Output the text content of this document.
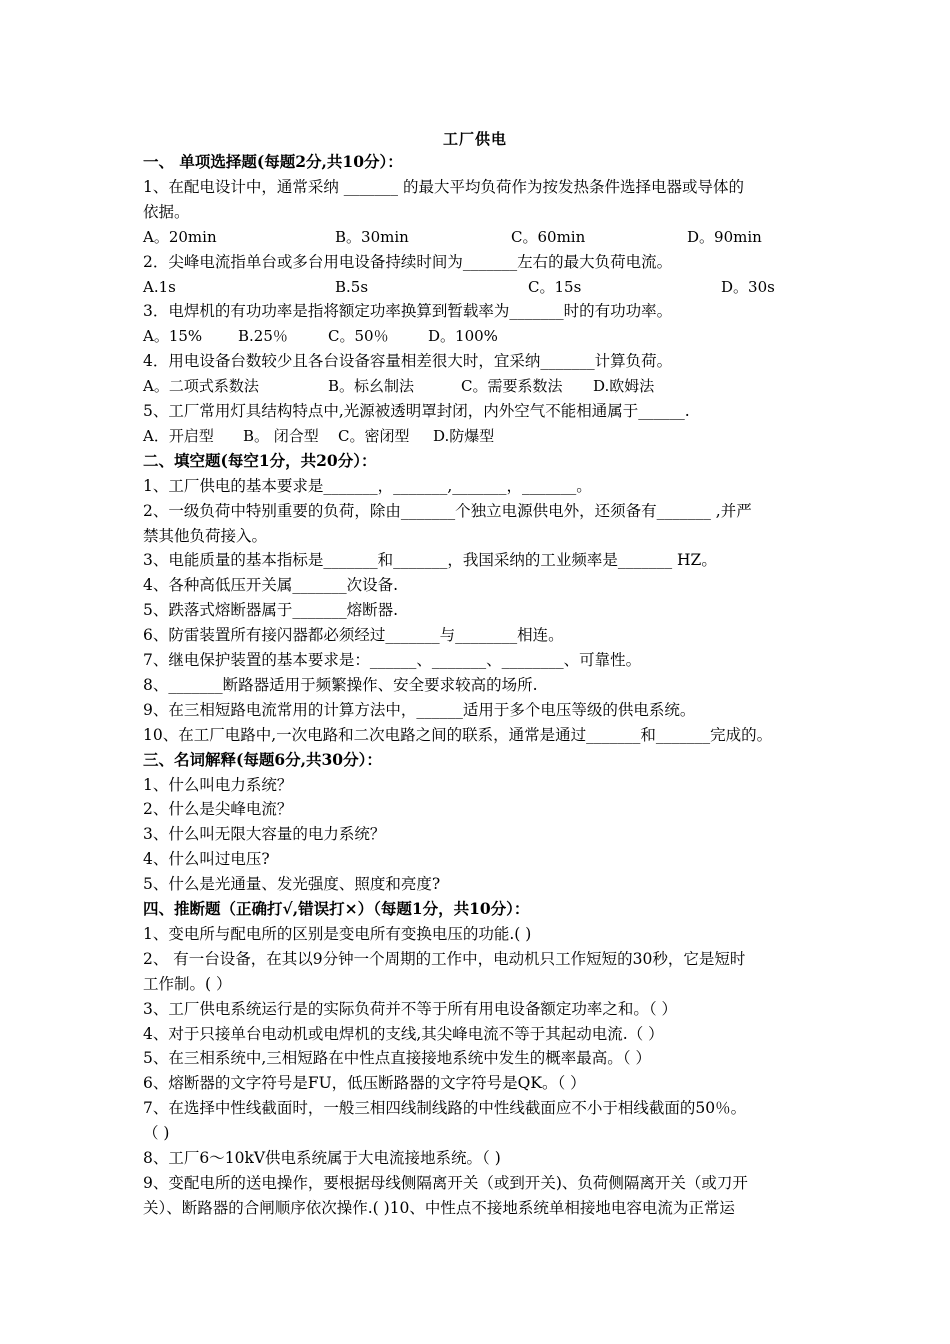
工厂供电
一、 单项选择题(每题2分,共10分）：
1、在配电设计中，通常采纳 _______ 的最大平均负荷作为按发热条件选择电器或导体的
依据。
A。20min	B。30min	C。60min	D。90min
2．尖峰电流指单台或多台用电设备持续时间为_______左右的最大负荷电流。
A.1s	B.5s	C。15s	D。30s
3．电焊机的有功功率是指将额定功率换算到暂载率为_______时的有功功率。
A。15% B.25％	C。50％	D。100%
4．用电设备台数较少且各台设备容量相差很大时，宜采纳_______计算负荷。
A。二项式系数法	B。标幺制法	C。需要系数法 D.欧姆法
5、工厂常用灯具结构特点中,光源被透明罩封闭，内外空气不能相通属于______.
A．开启型 B。 闭合型 C。密闭型 D.防爆型
二、填空题(每空1分，共20分）：
1、工厂供电的基本要求是_______，_______,_______，_______。
2、一级负荷中特别重要的负荷，除由_______个独立电源供电外，还须备有_______ ,并严
禁其他负荷接入。
3、电能质量的基本指标是_______和_______，我国采纳的工业频率是_______ HZ。
4、各种高低压开关属_______次设备.
5、跌落式熔断器属于_______熔断器.
6、防雷装置所有接闪器都必须经过_______与________相连。
7、继电保护装置的基本要求是：______、_______、________、可靠性。
8、_______断路器适用于频繁操作、安全要求较高的场所.
9、在三相短路电流常用的计算方法中，______适用于多个电压等级的供电系统。
10、在工厂电路中,一次电路和二次电路之间的联系，通常是通过_______和_______完成的。
三、名词解释(每题6分,共30分）：
1、什么叫电力系统？
2、什么是尖峰电流？
3、什么叫无限大容量的电力系统？
4、什么叫过电压?
5、什么是光通量、发光强度、照度和亮度?
四、推断题（正确打√,错误打×）（每题1分，共10分）：
1、变电所与配电所的区别是变电所有变换电压的功能.( )
2、 有一台设备，在其以9分钟一个周期的工作中，电动机只工作短短的30秒，它是短时
工作制。( ）
3、工厂供电系统运行是的实际负荷并不等于所有用电设备额定功率之和。（ ）
4、对于只接单台电动机或电焊机的支线,其尖峰电流不等于其起动电流.（ ）
5、在三相系统中,三相短路在中性点直接接地系统中发生的概率最高。（ ）
6、熔断器的文字符号是FU，低压断路器的文字符号是QK。（ ）
7、在选择中性线截面时，一般三相四线制线路的中性线截面应不小于相线截面的50％。
（ )
8、工厂6～10kV供电系统属于大电流接地系统。（ )
9、变配电所的送电操作，要根据母线侧隔离开关（或到开关)、负荷侧隔离开关（或刀开
关）、断路器的合闸顺序依次操作.( )10、中性点不接地系统单相接地电容电流为正常运
